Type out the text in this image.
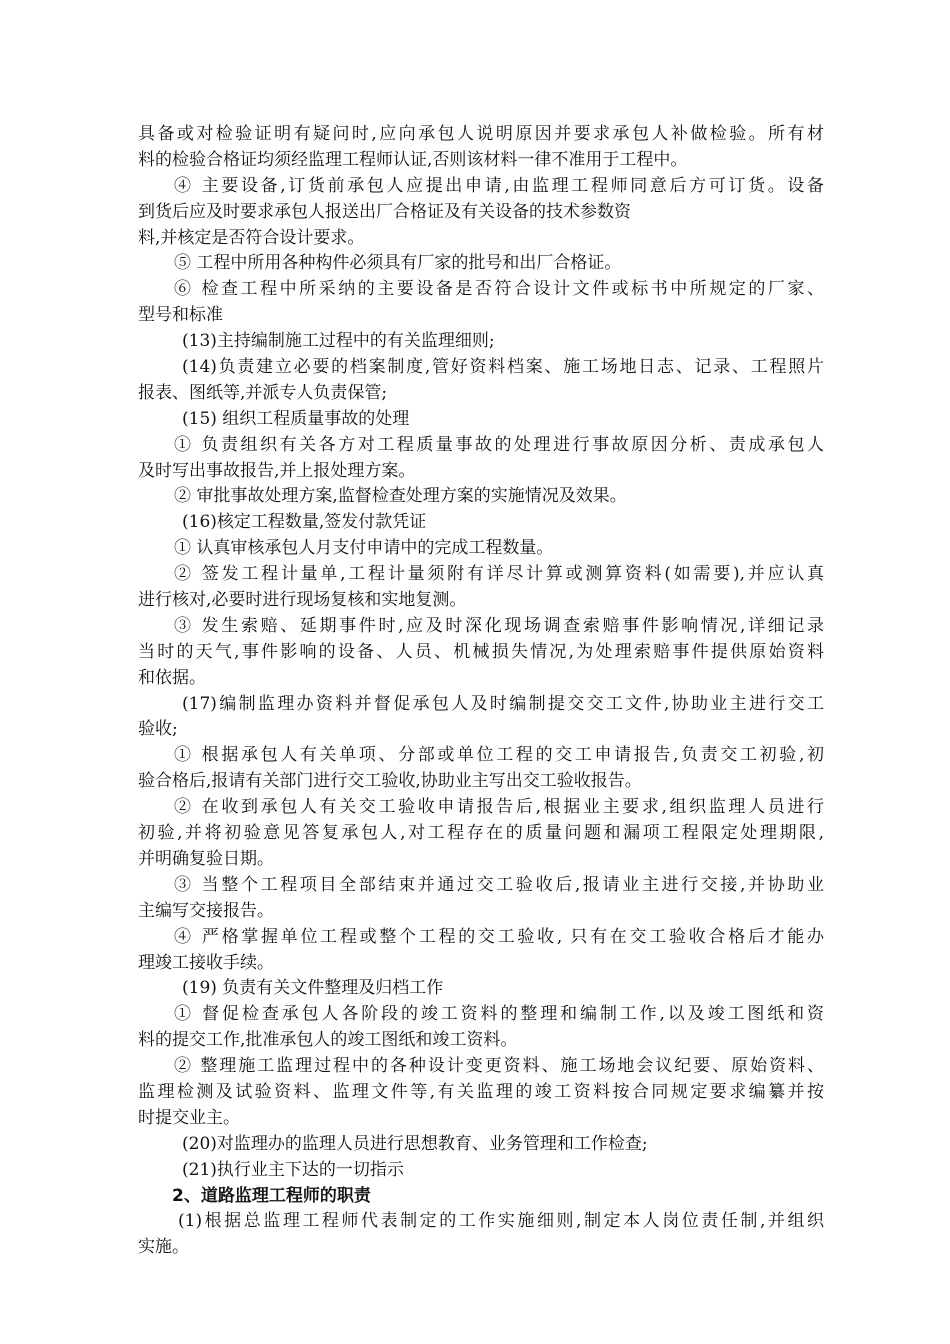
具备或对检验证明有疑问时,应向承包人说明原因并要求承包人补做检验。所有材
料的检验合格证均须经监理工程师认证,否则该材料一律不准用于工程中。
④ 主要设备,订货前承包人应提出申请,由监理工程师同意后方可订货。设备
到货后应及时要求承包人报送出厂合格证及有关设备的技术参数资
料,并核定是否符合设计要求。
⑤ 工程中所用各种构件必须具有厂家的批号和出厂合格证。
⑥ 检查工程中所采纳的主要设备是否符合设计文件或标书中所规定的厂家、
型号和标准
(13)主持编制施工过程中的有关监理细则;
(14)负责建立必要的档案制度,管好资料档案、施工场地日志、记录、工程照片
报表、图纸等,并派专人负责保管;
(15) 组织工程质量事故的处理
① 负责组织有关各方对工程质量事故的处理进行事故原因分析、责成承包人
及时写出事故报告,并上报处理方案。
② 审批事故处理方案,监督检查处理方案的实施情况及效果。
(16)核定工程数量,签发付款凭证
① 认真审核承包人月支付申请中的完成工程数量。
② 签发工程计量单,工程计量须附有详尽计算或测算资料(如需要),并应认真
进行核对,必要时进行现场复核和实地复测。
③ 发生索赔、延期事件时,应及时深化现场调查索赔事件影响情况,详细记录
当时的天气,事件影响的设备、人员、机械损失情况,为处理索赔事件提供原始资料
和依据。
(17)编制监理办资料并督促承包人及时编制提交交工文件,协助业主进行交工
验收;
① 根据承包人有关单项、分部或单位工程的交工申请报告,负责交工初验,初
验合格后,报请有关部门进行交工验收,协助业主写出交工验收报告。
② 在收到承包人有关交工验收申请报告后,根据业主要求,组织监理人员进行
初验,并将初验意见答复承包人,对工程存在的质量问题和漏项工程限定处理期限,
并明确复验日期。
③ 当整个工程项目全部结束并通过交工验收后,报请业主进行交接,并协助业
主编写交接报告。
④ 严格掌握单位工程或整个工程的交工验收, 只有在交工验收合格后才能办
理竣工接收手续。
(19) 负责有关文件整理及归档工作
① 督促检查承包人各阶段的竣工资料的整理和编制工作,以及竣工图纸和资
料的提交工作,批准承包人的竣工图纸和竣工资料。
② 整理施工监理过程中的各种设计变更资料、施工场地会议纪要、原始资料、
监理检测及试验资料、监理文件等,有关监理的竣工资料按合同规定要求编纂并按
时提交业主。
(20)对监理办的监理人员进行思想教育、业务管理和工作检查;
(21)执行业主下达的一切指示
2、道路监理工程师的职责
(1)根据总监理工程师代表制定的工作实施细则,制定本人岗位责任制,并组织
实施。
